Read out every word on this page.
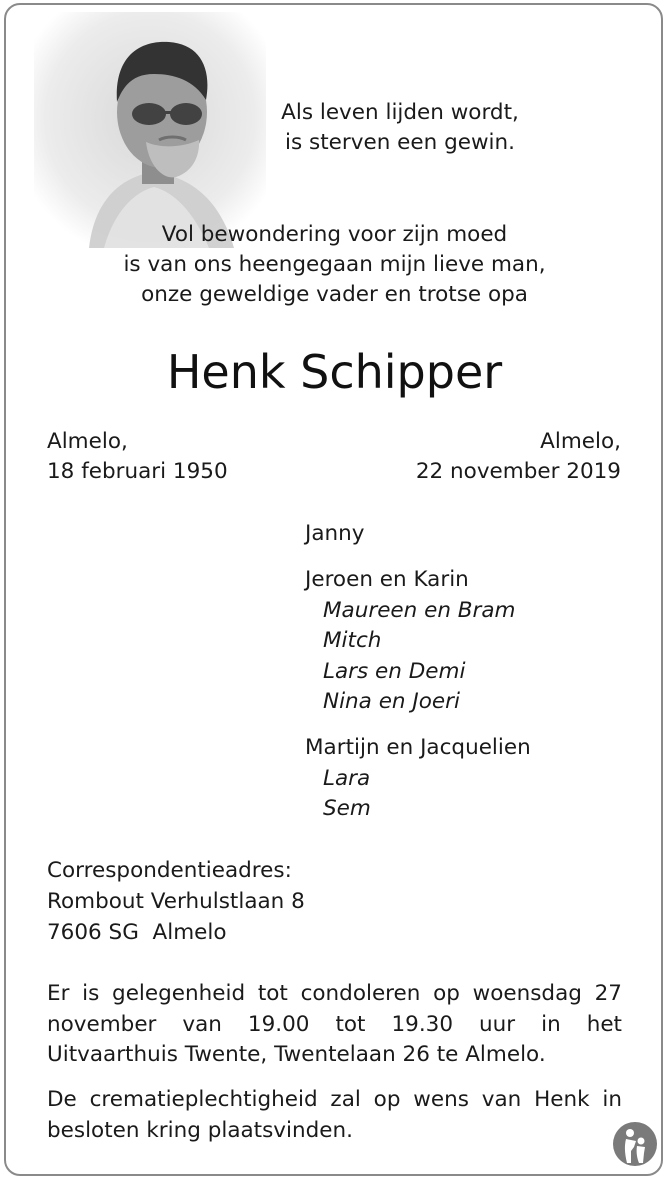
Als leven lijden wordt,
is sterven een gewin.
Vol bewondering voor zijn moed
is van ons heengegaan mijn lieve man,
onze geweldige vader en trotse opa
Henk Schipper
Almelo,
18 februari 1950
Almelo,
22 november 2019
Janny
Jeroen en Karin
Maureen en Bram
Mitch
Lars en Demi
Nina en Joeri
Martijn en Jacquelien
Lara
Sem
Correspondentieadres:
Rombout Verhulstlaan 8
7606 SG  Almelo
Er is gelegenheid tot condoleren op woensdag 27 november van 19.00 tot 19.30 uur in het Uitvaarthuis Twente, Twentelaan 26 te Almelo.
De crematieplechtigheid zal op wens van Henk in besloten kring plaatsvinden.
